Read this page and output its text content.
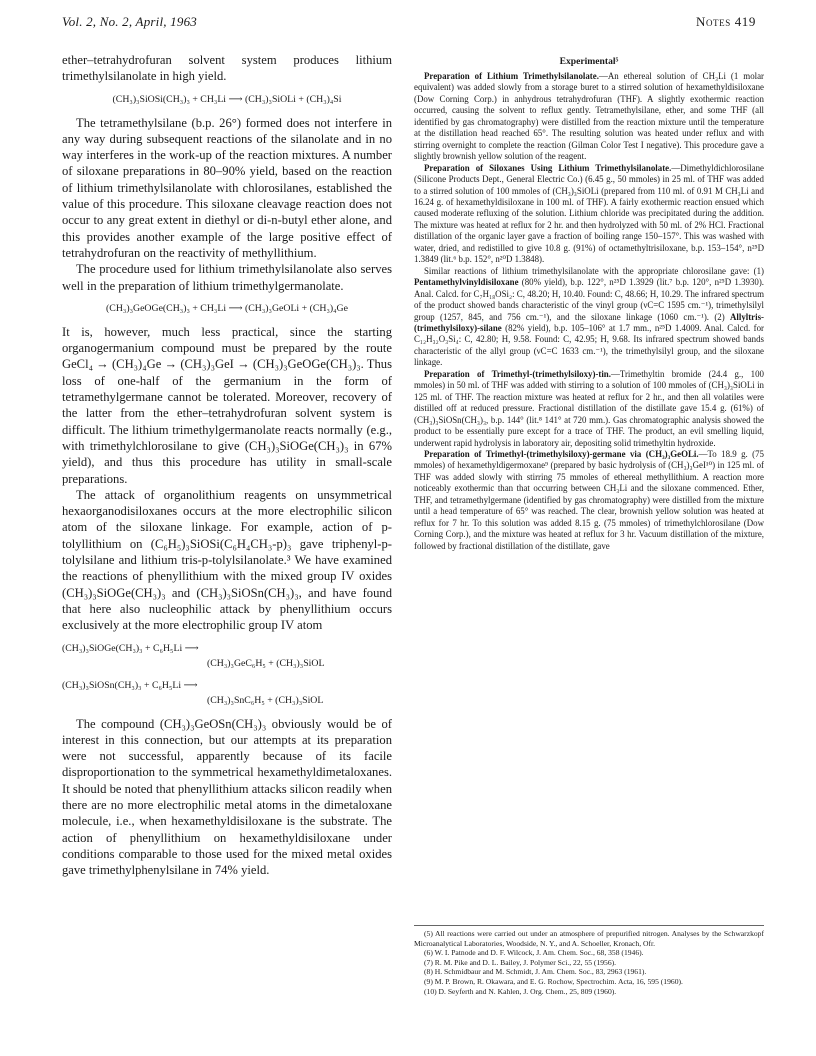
Vol. 2, No. 2, April, 1963	Notes 419

ether–tetrahydrofuran solvent system produces lithium trimethylsilanolate in high yield.

(CH₃)₃SiOSi(CH₃)₃ + CH₃Li ⟶ (CH₃)₃SiOLi + (CH₃)₄Si

The tetramethylsilane (b.p. 26°) formed does not interfere in any way during subsequent reactions of the silanolate and in no way interferes in the work-up of the reaction mixtures. A number of siloxane preparations in 80–90% yield, based on the reaction of lithium trimethylsilanolate with chlorosilanes, established the value of this procedure. This siloxane cleavage reaction does not occur to any great extent in diethyl or di-n-butyl ether alone, and this provides another example of the large positive effect of tetrahydrofuran on the reactivity of methyllithium.

The procedure used for lithium trimethylsilanolate also serves well in the preparation of lithium trimethylgermanolate.

(CH₃)₃GeOGe(CH₃)₃ + CH₃Li ⟶ (CH₃)₃GeOLi + (CH₃)₄Ge

It is, however, much less practical, since the starting organogermanium compound must be prepared by the route GeCl₄ → (CH₃)₄Ge → (CH₃)₃GeI → (CH₃)₃GeOGe(CH₃)₃. Thus loss of one-half of the germanium in the form of tetramethylgermane cannot be tolerated. Moreover, recovery of the latter from the ether–tetrahydrofuran solvent system is difficult. The lithium trimethylgermanolate reacts normally (e.g., with trimethylchlorosilane to give (CH₃)₃SiOGe(CH₃)₃ in 67% yield), and thus this procedure has utility in small-scale preparations.

The attack of organolithium reagents on unsymmetrical hexaorganodisiloxanes occurs at the more electrophilic silicon atom of the siloxane linkage. For example, action of p-tolyllithium on (C₆H₅)₃SiOSi(C₆H₄CH₃-p)₃ gave triphenyl-p-tolylsilane and lithium tris-p-tolylsilanolate.³ We have examined the reactions of phenyllithium with the mixed group IV oxides (CH₃)₃SiOGe(CH₃)₃ and (CH₃)₃SiOSn(CH₃)₃, and have found that here also nucleophilic attack by phenyllithium occurs exclusively at the more electrophilic group IV atom

(CH₃)₃SiOGe(CH₃)₃ + C₆H₅Li ⟶
(CH₃)₃GeC₆H₅ + (CH₃)₃SiOL
(CH₃)₃SiOSn(CH₃)₃ + C₆H₅Li ⟶
(CH₃)₃SnC₆H₅ + (CH₃)₃SiOL

The compound (CH₃)₃GeOSn(CH₃)₃ obviously would be of interest in this connection, but our attempts at its preparation were not successful, apparently because of its facile disproportionation to the symmetrical hexamethyldimetaloxanes. It should be noted that phenyllithium attacks silicon readily when there are no more electrophilic metal atoms in the dimetaloxane molecule, i.e., when hexamethyldisiloxane is the substrate. The action of phenyllithium on hexamethyldisiloxane under conditions comparable to those used for the mixed metal oxides gave trimethylphenylsilane in 74% yield.

Experimental⁵

Preparation of Lithium Trimethylsilanolate.—An ethereal solution of CH₃Li (1 molar equivalent) was added slowly from a storage buret to a stirred solution of hexamethyldisiloxane (Dow Corning Corp.) in anhydrous tetrahydrofuran (THF). A slightly exothermic reaction occurred, causing the solvent to reflux gently. Tetramethylsilane, ether, and some THF (all identified by gas chromatography) were distilled from the reaction mixture until the temperature at the distillation head reached 65°. The resulting solution was heated under reflux and with stirring overnight to complete the reaction (Gilman Color Test I negative). This procedure gave a slightly brownish yellow solution of the reagent.

Preparation of Siloxanes Using Lithium Trimethylsilanolate.—Dimethyldichlorosilane (Silicone Products Dept., General Electric Co.) (6.45 g., 50 mmoles) in 25 ml. of THF was added to a stirred solution of 100 mmoles of (CH₃)₃SiOLi (prepared from 110 ml. of 0.91 M CH₃Li and 16.24 g. of hexamethyldisiloxane in 100 ml. of THF). A fairly exothermic reaction ensued which caused moderate refluxing of the solution. Lithium chloride was precipitated during the addition. The mixture was heated at reflux for 2 hr. and then hydrolyzed with 50 ml. of 2% HCl. Fractional distillation of the organic layer gave a fraction of boiling range 150–157°. This was washed with water, dried, and redistilled to give 10.8 g. (91%) of octamethyltrisiloxane, b.p. 153–154°, n²⁵D 1.3849 (lit.⁶ b.p. 152°, n²⁰D 1.3848).

Similar reactions of lithium trimethylsilanolate with the appropriate chlorosilane gave: (1) Pentamethylvinyldisiloxane (80% yield), b.p. 122°, n²⁵D 1.3929 (lit.⁷ b.p. 120°, n²⁵D 1.3930). Anal. Calcd. for C₇H₁₈OSi₂: C, 48.20; H, 10.40. Found: C, 48.66; H, 10.29. The infrared spectrum of the product showed bands characteristic of the vinyl group (νC=C 1595 cm.⁻¹), trimethylsilyl group (1257, 845, and 756 cm.⁻¹), and the siloxane linkage (1060 cm.⁻¹). (2) Allyltris-(trimethylsiloxy)-silane (82% yield), b.p. 105–106° at 1.7 mm., n²⁵D 1.4009. Anal. Calcd. for C₁₂H₃₂O₃Si₄: C, 42.80; H, 9.58. Found: C, 42.95; H, 9.68. Its infrared spectrum showed bands characteristic of the allyl group (νC=C 1633 cm.⁻¹), the trimethylsilyl group, and the siloxane linkage.

Preparation of Trimethyl-(trimethylsiloxy)-tin.—Trimethyltin bromide (24.4 g., 100 mmoles) in 50 ml. of THF was added with stirring to a solution of 100 mmoles of (CH₃)₃SiOLi in 125 ml. of THF. The reaction mixture was heated at reflux for 2 hr., and then all volatiles were distilled off at reduced pressure. Fractional distillation of the distillate gave 15.4 g. (61%) of (CH₃)₃SiOSn(CH₃)₃, b.p. 144° (lit.⁸ 141° at 720 mm.). Gas chromatographic analysis showed the product to be essentially pure except for a trace of THF. The product, an evil smelling liquid, underwent rapid hydrolysis in laboratory air, depositing solid trimethyltin hydroxide.

Preparation of Trimethyl-(trimethylsiloxy)-germane via (CH₃)₃GeOLi.—To 18.9 g. (75 mmoles) of hexamethyldigermoxane⁹ (prepared by basic hydrolysis of (CH₃)₃GeI¹⁰) in 125 ml. of THF was added slowly with stirring 75 mmoles of ethereal methyllithium. A reaction more noticeably exothermic than that occurring between CH₃Li and the siloxane commenced. Ether, THF, and tetramethylgermane (identified by gas chromatography) were distilled from the mixture until a head temperature of 65° was reached. The clear, brownish yellow solution was heated at reflux for 7 hr. To this solution was added 8.15 g. (75 mmoles) of trimethylchlorosilane (Dow Corning Corp.), and the mixture was heated at reflux for 3 hr. Vacuum distillation of the mixture, followed by fractional distillation of the distillate, gave

(5) All reactions were carried out under an atmosphere of prepurified nitrogen. Analyses by the Schwarzkopf Microanalytical Laboratories, Woodside, N. Y., and A. Schoeller, Kronach, Ofr.

(6) W. I. Patnode and D. F. Wilcock, J. Am. Chem. Soc., 68, 358 (1946).

(7) R. M. Pike and D. L. Bailey, J. Polymer Sci., 22, 55 (1956).

(8) H. Schmidbaur and M. Schmidt, J. Am. Chem. Soc., 83, 2963 (1961).

(9) M. P. Brown, R. Okawara, and E. G. Rochow, Spectrochim. Acta, 16, 595 (1960).

(10) D. Seyferth and N. Kahlen, J. Org. Chem., 25, 809 (1960).
